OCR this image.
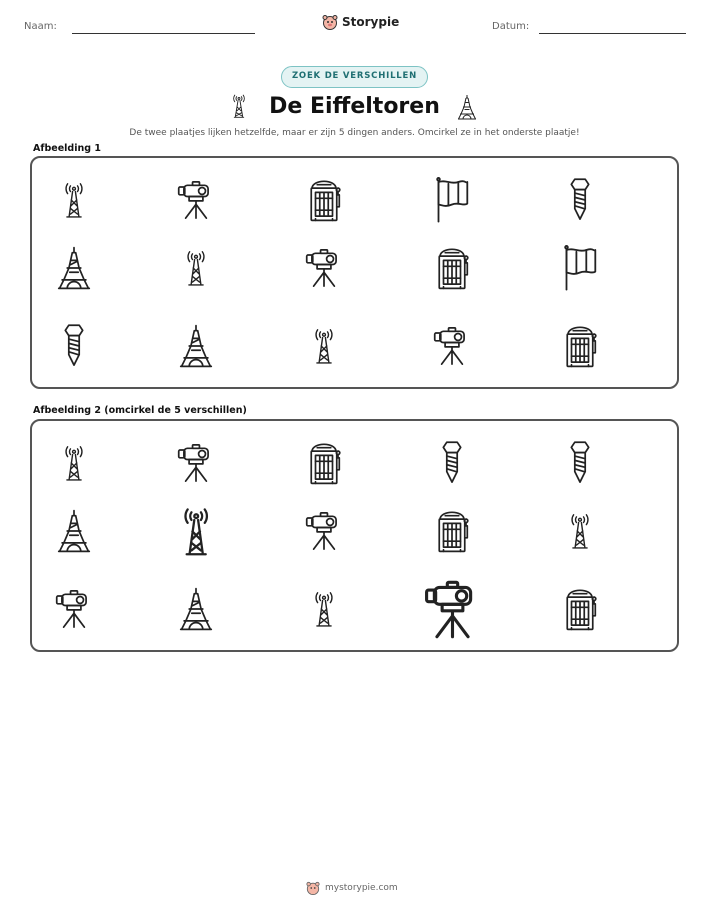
Naam:	Datum:
Storypie
ZOEK DE VERSCHILLEN
De Eiffeltoren
De twee plaatjes lijken hetzelfde, maar er zijn 5 dingen anders. Omcirkel ze in het onderste plaatje!
Afbeelding 1
Afbeelding 2 (omcirkel de 5 verschillen)
mystorypie.com
